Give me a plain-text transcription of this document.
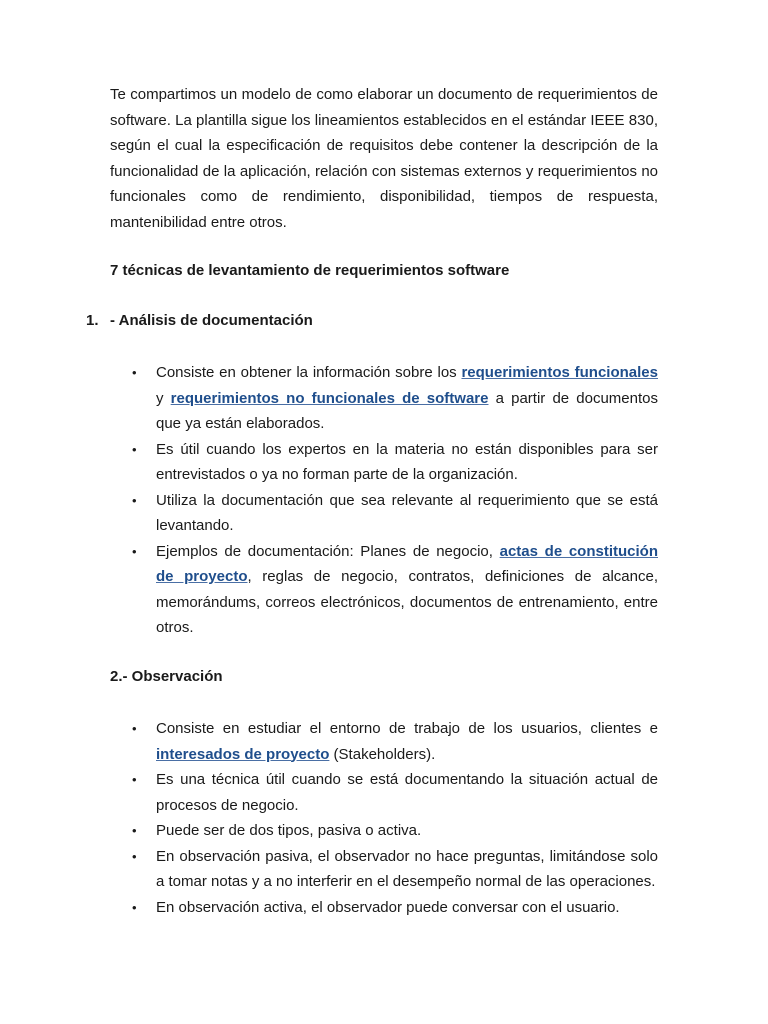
Te compartimos un modelo de como elaborar un documento de requerimientos de software. La plantilla sigue los lineamientos establecidos en el estándar IEEE 830, según el cual la especificación de requisitos debe contener la descripción de la funcionalidad de la aplicación, relación con sistemas externos y requerimientos no funcionales como de rendimiento, disponibilidad, tiempos de respuesta, mantenibilidad entre otros.

7 técnicas de levantamiento de requerimientos software

1. - Análisis de documentación

• Consiste en obtener la información sobre los requerimientos funcionales y requerimientos no funcionales de software a partir de documentos que ya están elaborados.
• Es útil cuando los expertos en la materia no están disponibles para ser entrevistados o ya no forman parte de la organización.
• Utiliza la documentación que sea relevante al requerimiento que se está levantando.
• Ejemplos de documentación: Planes de negocio, actas de constitución de proyecto, reglas de negocio, contratos, definiciones de alcance, memorándums, correos electrónicos, documentos de entrenamiento, entre otros.

2.- Observación

• Consiste en estudiar el entorno de trabajo de los usuarios, clientes e interesados de proyecto (Stakeholders).
• Es una técnica útil cuando se está documentando la situación actual de procesos de negocio.
• Puede ser de dos tipos, pasiva o activa.
• En observación pasiva, el observador no hace preguntas, limitándose solo a tomar notas y a no interferir en el desempeño normal de las operaciones.
• En observación activa, el observador puede conversar con el usuario.
